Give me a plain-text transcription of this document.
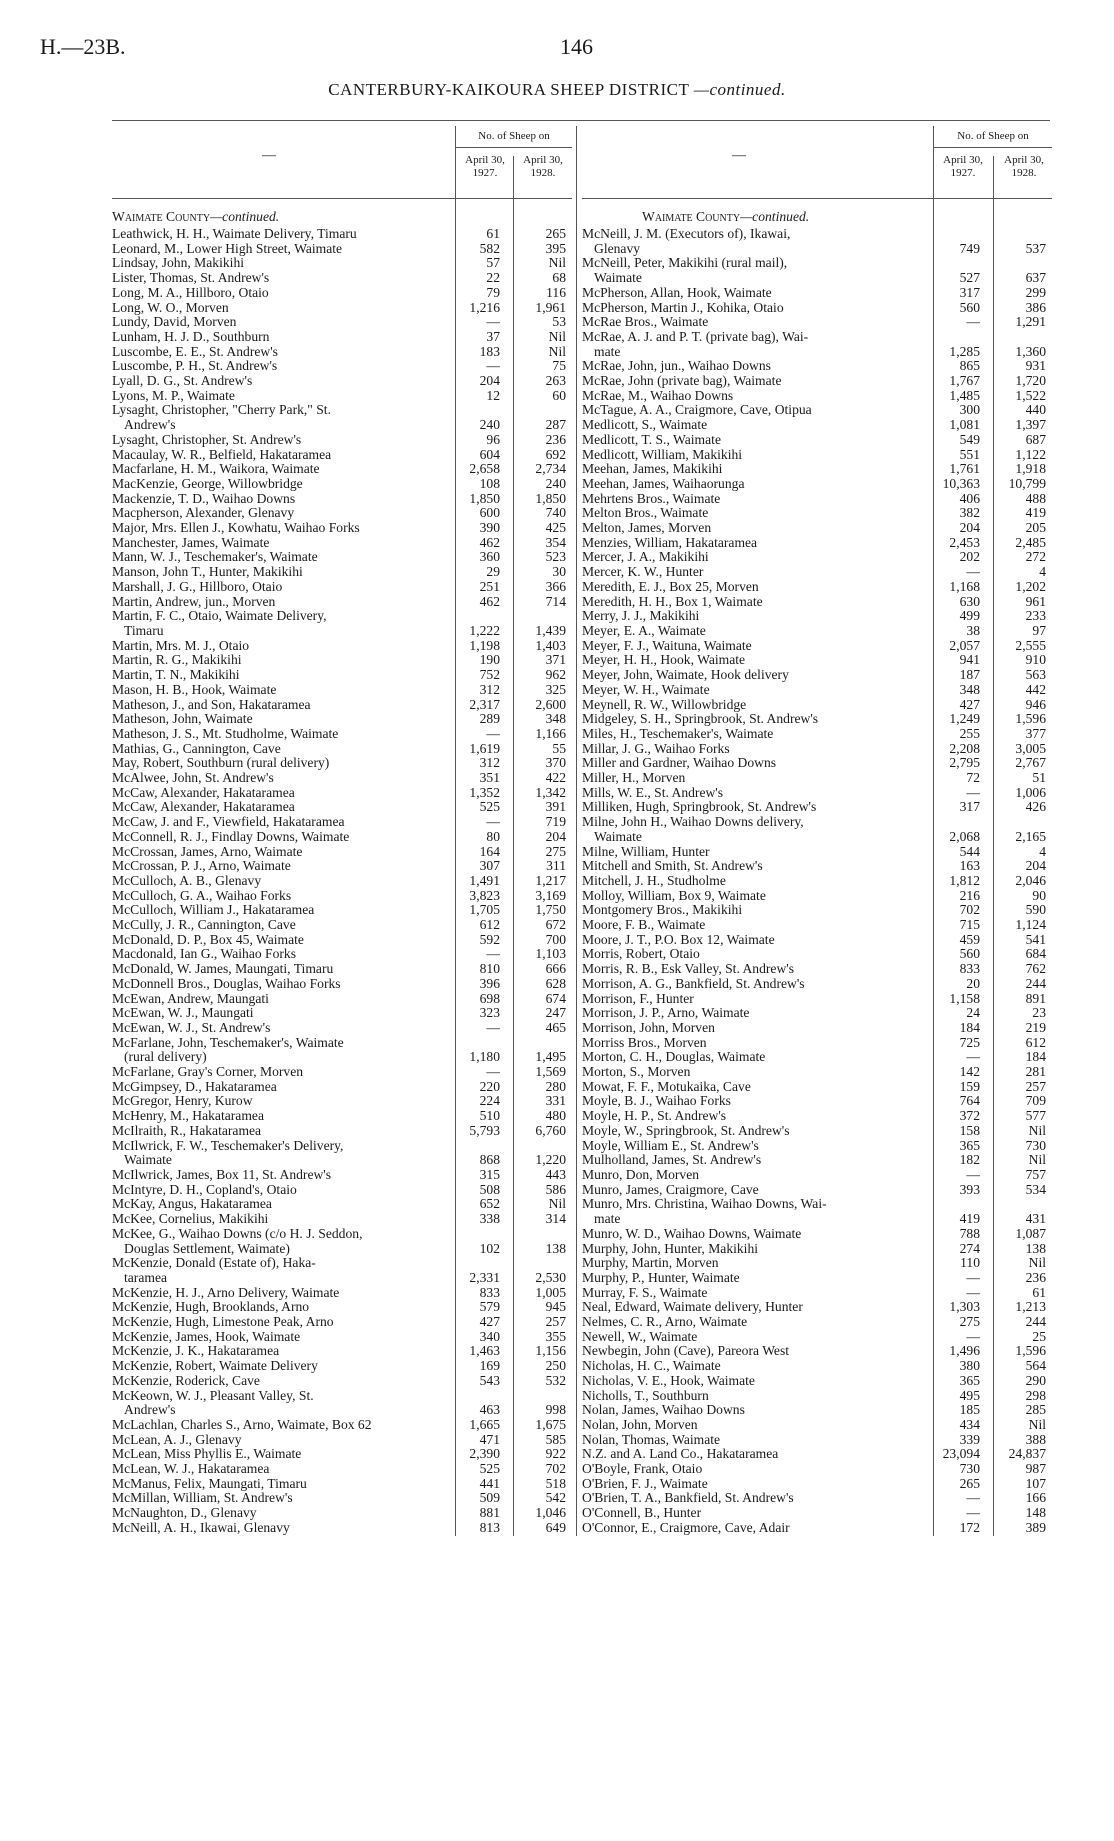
H.—23B.	146
CANTERBURY-KAIKOURA SHEEP DISTRICT —continued.
—
No. of Sheep on
April 30, 1927.
April 30, 1928.
Waimate County—continued.
Leathwick, H. H., Waimate Delivery, Timaru	61	265
Leonard, M., Lower High Street, Waimate	582	395
Lindsay, John, Makikihi	57	Nil
Lister, Thomas, St. Andrew's	22	68
Long, M. A., Hillboro, Otaio	79	116
Long, W. O., Morven	1,216	1,961
Lundy, David, Morven	—	53
Lunham, H. J. D., Southburn	37	Nil
Luscombe, E. E., St. Andrew's	183	Nil
Luscombe, P. H., St. Andrew's	—	75
Lyall, D. G., St. Andrew's	204	263
Lyons, M. P., Waimate	12	60
Lysaght, Christopher, "Cherry Park," St.
Andrew's	240	287
Lysaght, Christopher, St. Andrew's	96	236
Macaulay, W. R., Belfield, Hakataramea	604	692
Macfarlane, H. M., Waikora, Waimate	2,658	2,734
MacKenzie, George, Willowbridge	108	240
Mackenzie, T. D., Waihao Downs	1,850	1,850
Macpherson, Alexander, Glenavy	600	740
Major, Mrs. Ellen J., Kowhatu, Waihao Forks	390	425
Manchester, James, Waimate	462	354
Mann, W. J., Teschemaker's, Waimate	360	523
Manson, John T., Hunter, Makikihi	29	30
Marshall, J. G., Hillboro, Otaio	251	366
Martin, Andrew, jun., Morven	462	714
Martin, F. C., Otaio, Waimate Delivery,
Timaru	1,222	1,439
Martin, Mrs. M. J., Otaio	1,198	1,403
Martin, R. G., Makikihi	190	371
Martin, T. N., Makikihi	752	962
Mason, H. B., Hook, Waimate	312	325
Matheson, J., and Son, Hakataramea	2,317	2,600
Matheson, John, Waimate	289	348
Matheson, J. S., Mt. Studholme, Waimate	—	1,166
Mathias, G., Cannington, Cave	1,619	55
May, Robert, Southburn (rural delivery)	312	370
McAlwee, John, St. Andrew's	351	422
McCaw, Alexander, Hakataramea	1,352	1,342
McCaw, Alexander, Hakataramea	525	391
McCaw, J. and F., Viewfield, Hakataramea	—	719
McConnell, R. J., Findlay Downs, Waimate	80	204
McCrossan, James, Arno, Waimate	164	275
McCrossan, P. J., Arno, Waimate	307	311
McCulloch, A. B., Glenavy	1,491	1,217
McCulloch, G. A., Waihao Forks	3,823	3,169
McCulloch, William J., Hakataramea	1,705	1,750
McCully, J. R., Cannington, Cave	612	672
McDonald, D. P., Box 45, Waimate	592	700
Macdonald, Ian G., Waihao Forks	—	1,103
McDonald, W. James, Maungati, Timaru	810	666
McDonnell Bros., Douglas, Waihao Forks	396	628
McEwan, Andrew, Maungati	698	674
McEwan, W. J., Maungati	323	247
McEwan, W. J., St. Andrew's	—	465
McFarlane, John, Teschemaker's, Waimate
(rural delivery)	1,180	1,495
McFarlane, Gray's Corner, Morven	—	1,569
McGimpsey, D., Hakataramea	220	280
McGregor, Henry, Kurow	224	331
McHenry, M., Hakataramea	510	480
McIlraith, R., Hakataramea	5,793	6,760
McIlwrick, F. W., Teschemaker's Delivery,
Waimate	868	1,220
McIlwrick, James, Box 11, St. Andrew's	315	443
McIntyre, D. H., Copland's, Otaio	508	586
McKay, Angus, Hakataramea	652	Nil
McKee, Cornelius, Makikihi	338	314
McKee, G., Waihao Downs (c/o H. J. Seddon,
Douglas Settlement, Waimate)	102	138
McKenzie, Donald (Estate of), Haka-
taramea	2,331	2,530
McKenzie, H. J., Arno Delivery, Waimate	833	1,005
McKenzie, Hugh, Brooklands, Arno	579	945
McKenzie, Hugh, Limestone Peak, Arno	427	257
McKenzie, James, Hook, Waimate	340	355
McKenzie, J. K., Hakataramea	1,463	1,156
McKenzie, Robert, Waimate Delivery	169	250
McKenzie, Roderick, Cave	543	532
McKeown, W. J., Pleasant Valley, St.
Andrew's	463	998
McLachlan, Charles S., Arno, Waimate, Box 62	1,665	1,675
McLean, A. J., Glenavy	471	585
McLean, Miss Phyllis E., Waimate	2,390	922
McLean, W. J., Hakataramea	525	702
McManus, Felix, Maungati, Timaru	441	518
McMillan, William, St. Andrew's	509	542
McNaughton, D., Glenavy	881	1,046
McNeill, A. H., Ikawai, Glenavy	813	649
—
No. of Sheep on
April 30, 1927.
April 30, 1928.
Waimate County—continued.
McNeill, J. M. (Executors of), Ikawai,
Glenavy	749	537
McNeill, Peter, Makikihi (rural mail),
Waimate	527	637
McPherson, Allan, Hook, Waimate	317	299
McPherson, Martin J., Kohika, Otaio	560	386
McRae Bros., Waimate	—	1,291
McRae, A. J. and P. T. (private bag), Wai-
mate	1,285	1,360
McRae, John, jun., Waihao Downs	865	931
McRae, John (private bag), Waimate	1,767	1,720
McRae, M., Waihao Downs	1,485	1,522
McTague, A. A., Craigmore, Cave, Otipua	300	440
Medlicott, S., Waimate	1,081	1,397
Medlicott, T. S., Waimate	549	687
Medlicott, William, Makikihi	551	1,122
Meehan, James, Makikihi	1,761	1,918
Meehan, James, Waihaorunga	10,363	10,799
Mehrtens Bros., Waimate	406	488
Melton Bros., Waimate	382	419
Melton, James, Morven	204	205
Menzies, William, Hakataramea	2,453	2,485
Mercer, J. A., Makikihi	202	272
Mercer, K. W., Hunter	—	4
Meredith, E. J., Box 25, Morven	1,168	1,202
Meredith, H. H., Box 1, Waimate	630	961
Merry, J. J., Makikihi	499	233
Meyer, E. A., Waimate	38	97
Meyer, F. J., Waituna, Waimate	2,057	2,555
Meyer, H. H., Hook, Waimate	941	910
Meyer, John, Waimate, Hook delivery	187	563
Meyer, W. H., Waimate	348	442
Meynell, R. W., Willowbridge	427	946
Midgeley, S. H., Springbrook, St. Andrew's	1,249	1,596
Miles, H., Teschemaker's, Waimate	255	377
Millar, J. G., Waihao Forks	2,208	3,005
Miller and Gardner, Waihao Downs	2,795	2,767
Miller, H., Morven	72	51
Mills, W. E., St. Andrew's	—	1,006
Milliken, Hugh, Springbrook, St. Andrew's	317	426
Milne, John H., Waihao Downs delivery,
Waimate	2,068	2,165
Milne, William, Hunter	544	4
Mitchell and Smith, St. Andrew's	163	204
Mitchell, J. H., Studholme	1,812	2,046
Molloy, William, Box 9, Waimate	216	90
Montgomery Bros., Makikihi	702	590
Moore, F. B., Waimate	715	1,124
Moore, J. T., P.O. Box 12, Waimate	459	541
Morris, Robert, Otaio	560	684
Morris, R. B., Esk Valley, St. Andrew's	833	762
Morrison, A. G., Bankfield, St. Andrew's	20	244
Morrison, F., Hunter	1,158	891
Morrison, J. P., Arno, Waimate	24	23
Morrison, John, Morven	184	219
Morriss Bros., Morven	725	612
Morton, C. H., Douglas, Waimate	—	184
Morton, S., Morven	142	281
Mowat, F. F., Motukaika, Cave	159	257
Moyle, B. J., Waihao Forks	764	709
Moyle, H. P., St. Andrew's	372	577
Moyle, W., Springbrook, St. Andrew's	158	Nil
Moyle, William E., St. Andrew's	365	730
Mulholland, James, St. Andrew's	182	Nil
Munro, Don, Morven	—	757
Munro, James, Craigmore, Cave	393	534
Munro, Mrs. Christina, Waihao Downs, Wai-
mate	419	431
Munro, W. D., Waihao Downs, Waimate	788	1,087
Murphy, John, Hunter, Makikihi	274	138
Murphy, Martin, Morven	110	Nil
Murphy, P., Hunter, Waimate	—	236
Murray, F. S., Waimate	—	61
Neal, Edward, Waimate delivery, Hunter	1,303	1,213
Nelmes, C. R., Arno, Waimate	275	244
Newell, W., Waimate	—	25
Newbegin, John (Cave), Pareora West	1,496	1,596
Nicholas, H. C., Waimate	380	564
Nicholas, V. E., Hook, Waimate	365	290
Nicholls, T., Southburn	495	298
Nolan, James, Waihao Downs	185	285
Nolan, John, Morven	434	Nil
Nolan, Thomas, Waimate	339	388
N.Z. and A. Land Co., Hakataramea	23,094	24,837
O'Boyle, Frank, Otaio	730	987
O'Brien, F. J., Waimate	265	107
O'Brien, T. A., Bankfield, St. Andrew's	—	166
O'Connell, B., Hunter	—	148
O'Connor, E., Craigmore, Cave, Adair	172	389
